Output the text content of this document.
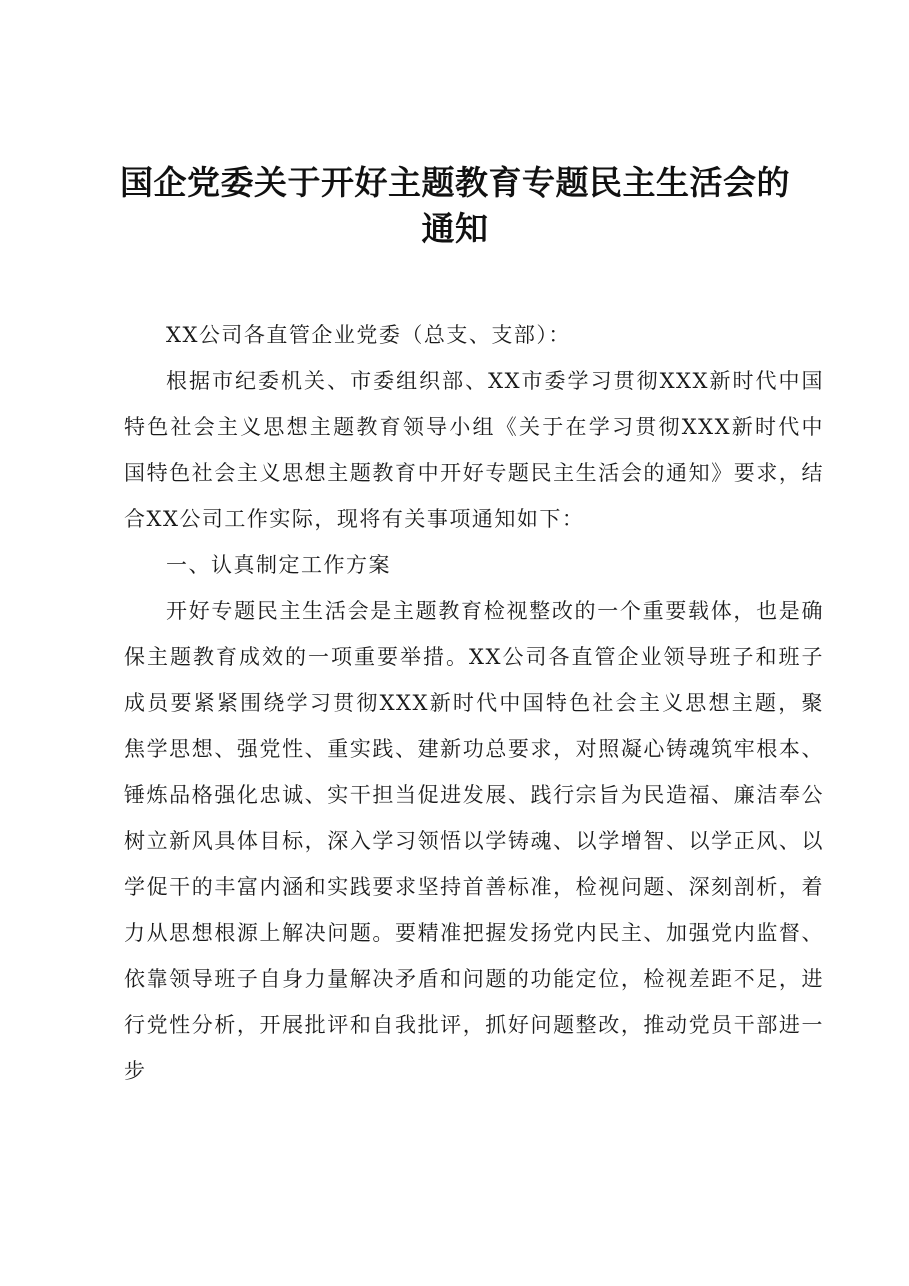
国企党委关于开好主题教育专题民主生活会的通知

XX公司各直管企业党委（总支、支部）：

根据市纪委机关、市委组织部、XX市委学习贯彻XXX新时代中国特色社会主义思想主题教育领导小组《关于在学习贯彻XXX新时代中国特色社会主义思想主题教育中开好专题民主生活会的通知》要求，结合XX公司工作实际，现将有关事项通知如下：

一、认真制定工作方案

开好专题民主生活会是主题教育检视整改的一个重要载体，也是确保主题教育成效的一项重要举措。XX公司各直管企业领导班子和班子成员要紧紧围绕学习贯彻XXX新时代中国特色社会主义思想主题，聚焦学思想、强党性、重实践、建新功总要求，对照凝心铸魂筑牢根本、锤炼品格强化忠诚、实干担当促进发展、践行宗旨为民造福、廉洁奉公树立新风具体目标，深入学习领悟以学铸魂、以学增智、以学正风、以学促干的丰富内涵和实践要求坚持首善标准，检视问题、深刻剖析，着力从思想根源上解决问题。要精准把握发扬党内民主、加强党内监督、依靠领导班子自身力量解决矛盾和问题的功能定位，检视差距不足，进行党性分析，开展批评和自我批评，抓好问题整改，推动党员干部进一步
